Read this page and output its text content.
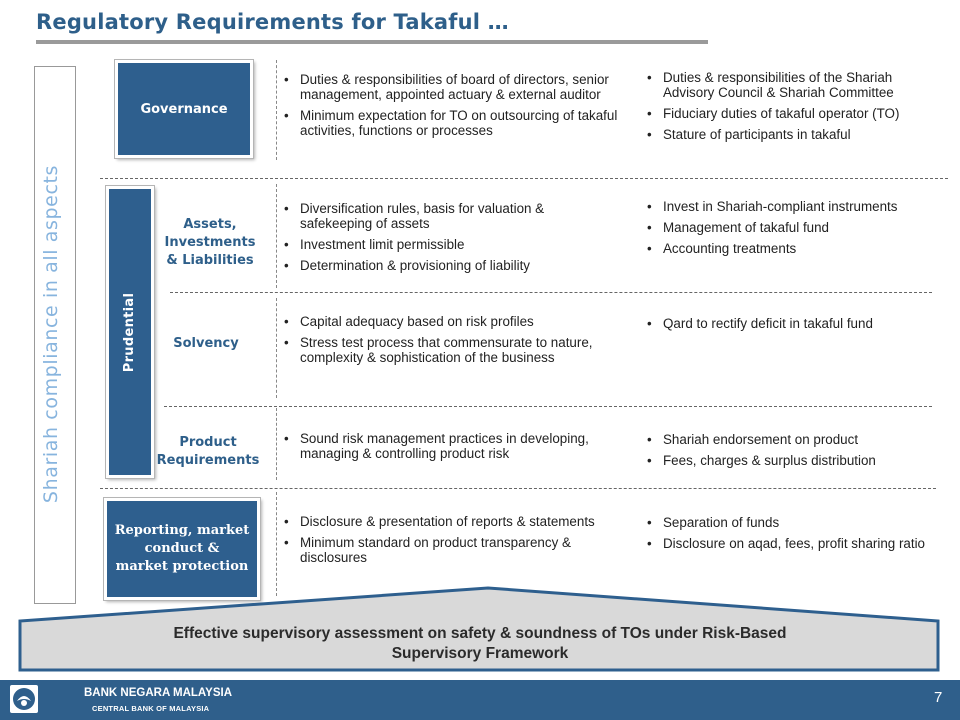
Regulatory Requirements for Takaful …
Shariah compliance in all aspects
Governance
Prudential
Reporting, market
conduct &
market protection
Assets,
Investments
& Liabilities
Solvency
Product
Requirements
• Duties & responsibilities of board of directors, senior management, appointed actuary & external auditor
• Minimum expectation for TO on outsourcing of takaful activities, functions or processes
• Duties & responsibilities of the Shariah Advisory Council & Shariah Committee
• Fiduciary duties of takaful operator (TO)
• Stature of participants in takaful
• Diversification rules, basis for valuation & safekeeping of assets
• Investment limit permissible
• Determination & provisioning of liability
• Invest in Shariah-compliant instruments
• Management of takaful fund
• Accounting treatments
• Capital adequacy based on risk profiles
• Stress test process that commensurate to nature, complexity & sophistication of the business
• Qard to rectify deficit in takaful fund
• Sound risk management practices in developing, managing & controlling product risk
• Shariah endorsement on product
• Fees, charges & surplus distribution
• Disclosure & presentation of reports & statements
• Minimum standard on product transparency & disclosures
• Separation of funds
• Disclosure on aqad, fees, profit sharing ratio
Effective supervisory assessment on safety & soundness of TOs under Risk-Based
Supervisory Framework
BANK NEGARA MALAYSIA
CENTRAL BANK OF MALAYSIA
7
